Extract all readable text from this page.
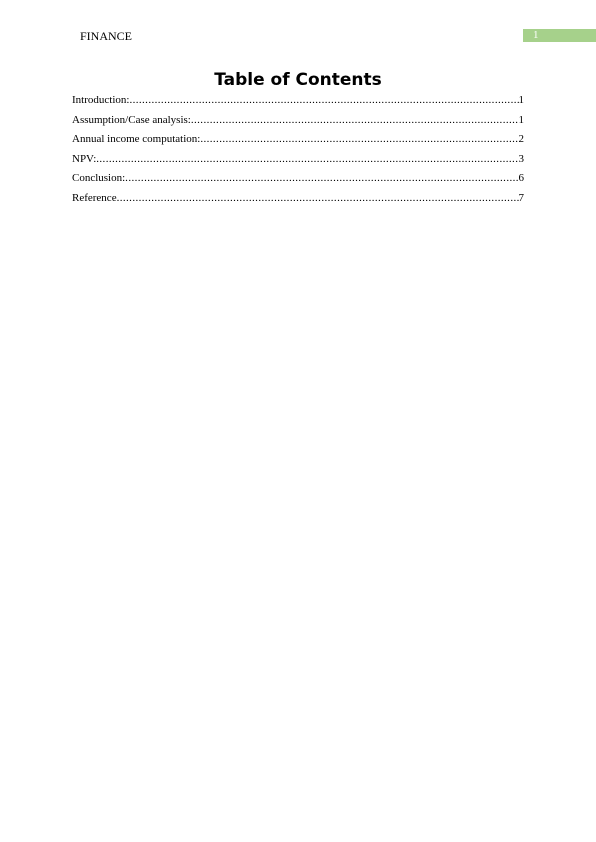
FINANCE	1
Table of Contents
Introduction: .....	1
Assumption/Case analysis: .....	1
Annual income computation: .....	2
NPV: .....	3
Conclusion: .....	6
Reference .....	7
